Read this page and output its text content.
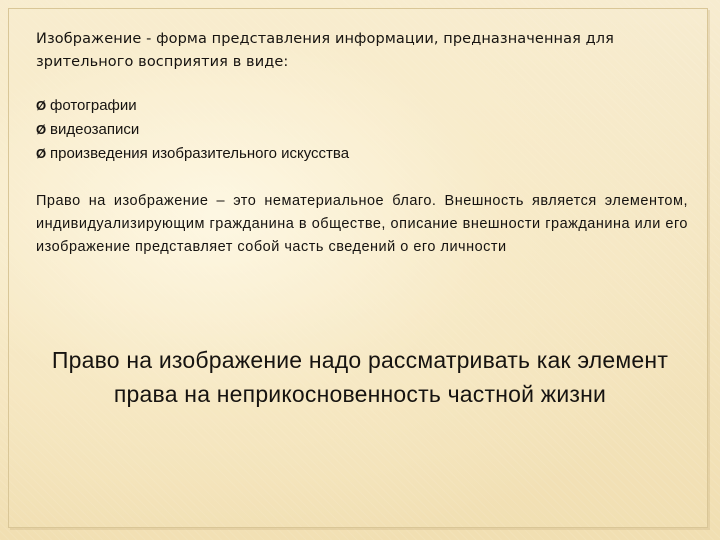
Изображение - форма представления информации, предназначенная для зрительного восприятия в виде:

Ø фотографии
Ø видеозаписи
Ø произведения изобразительного искусства

Право на изображение – это нематериальное благо. Внешность является элементом, индивидуализирующим гражданина в обществе, описание внешности гражданина или его изображение представляет собой часть сведений о его личности

Право на изображение надо рассматривать как элемент права на неприкосновенность частной жизни
